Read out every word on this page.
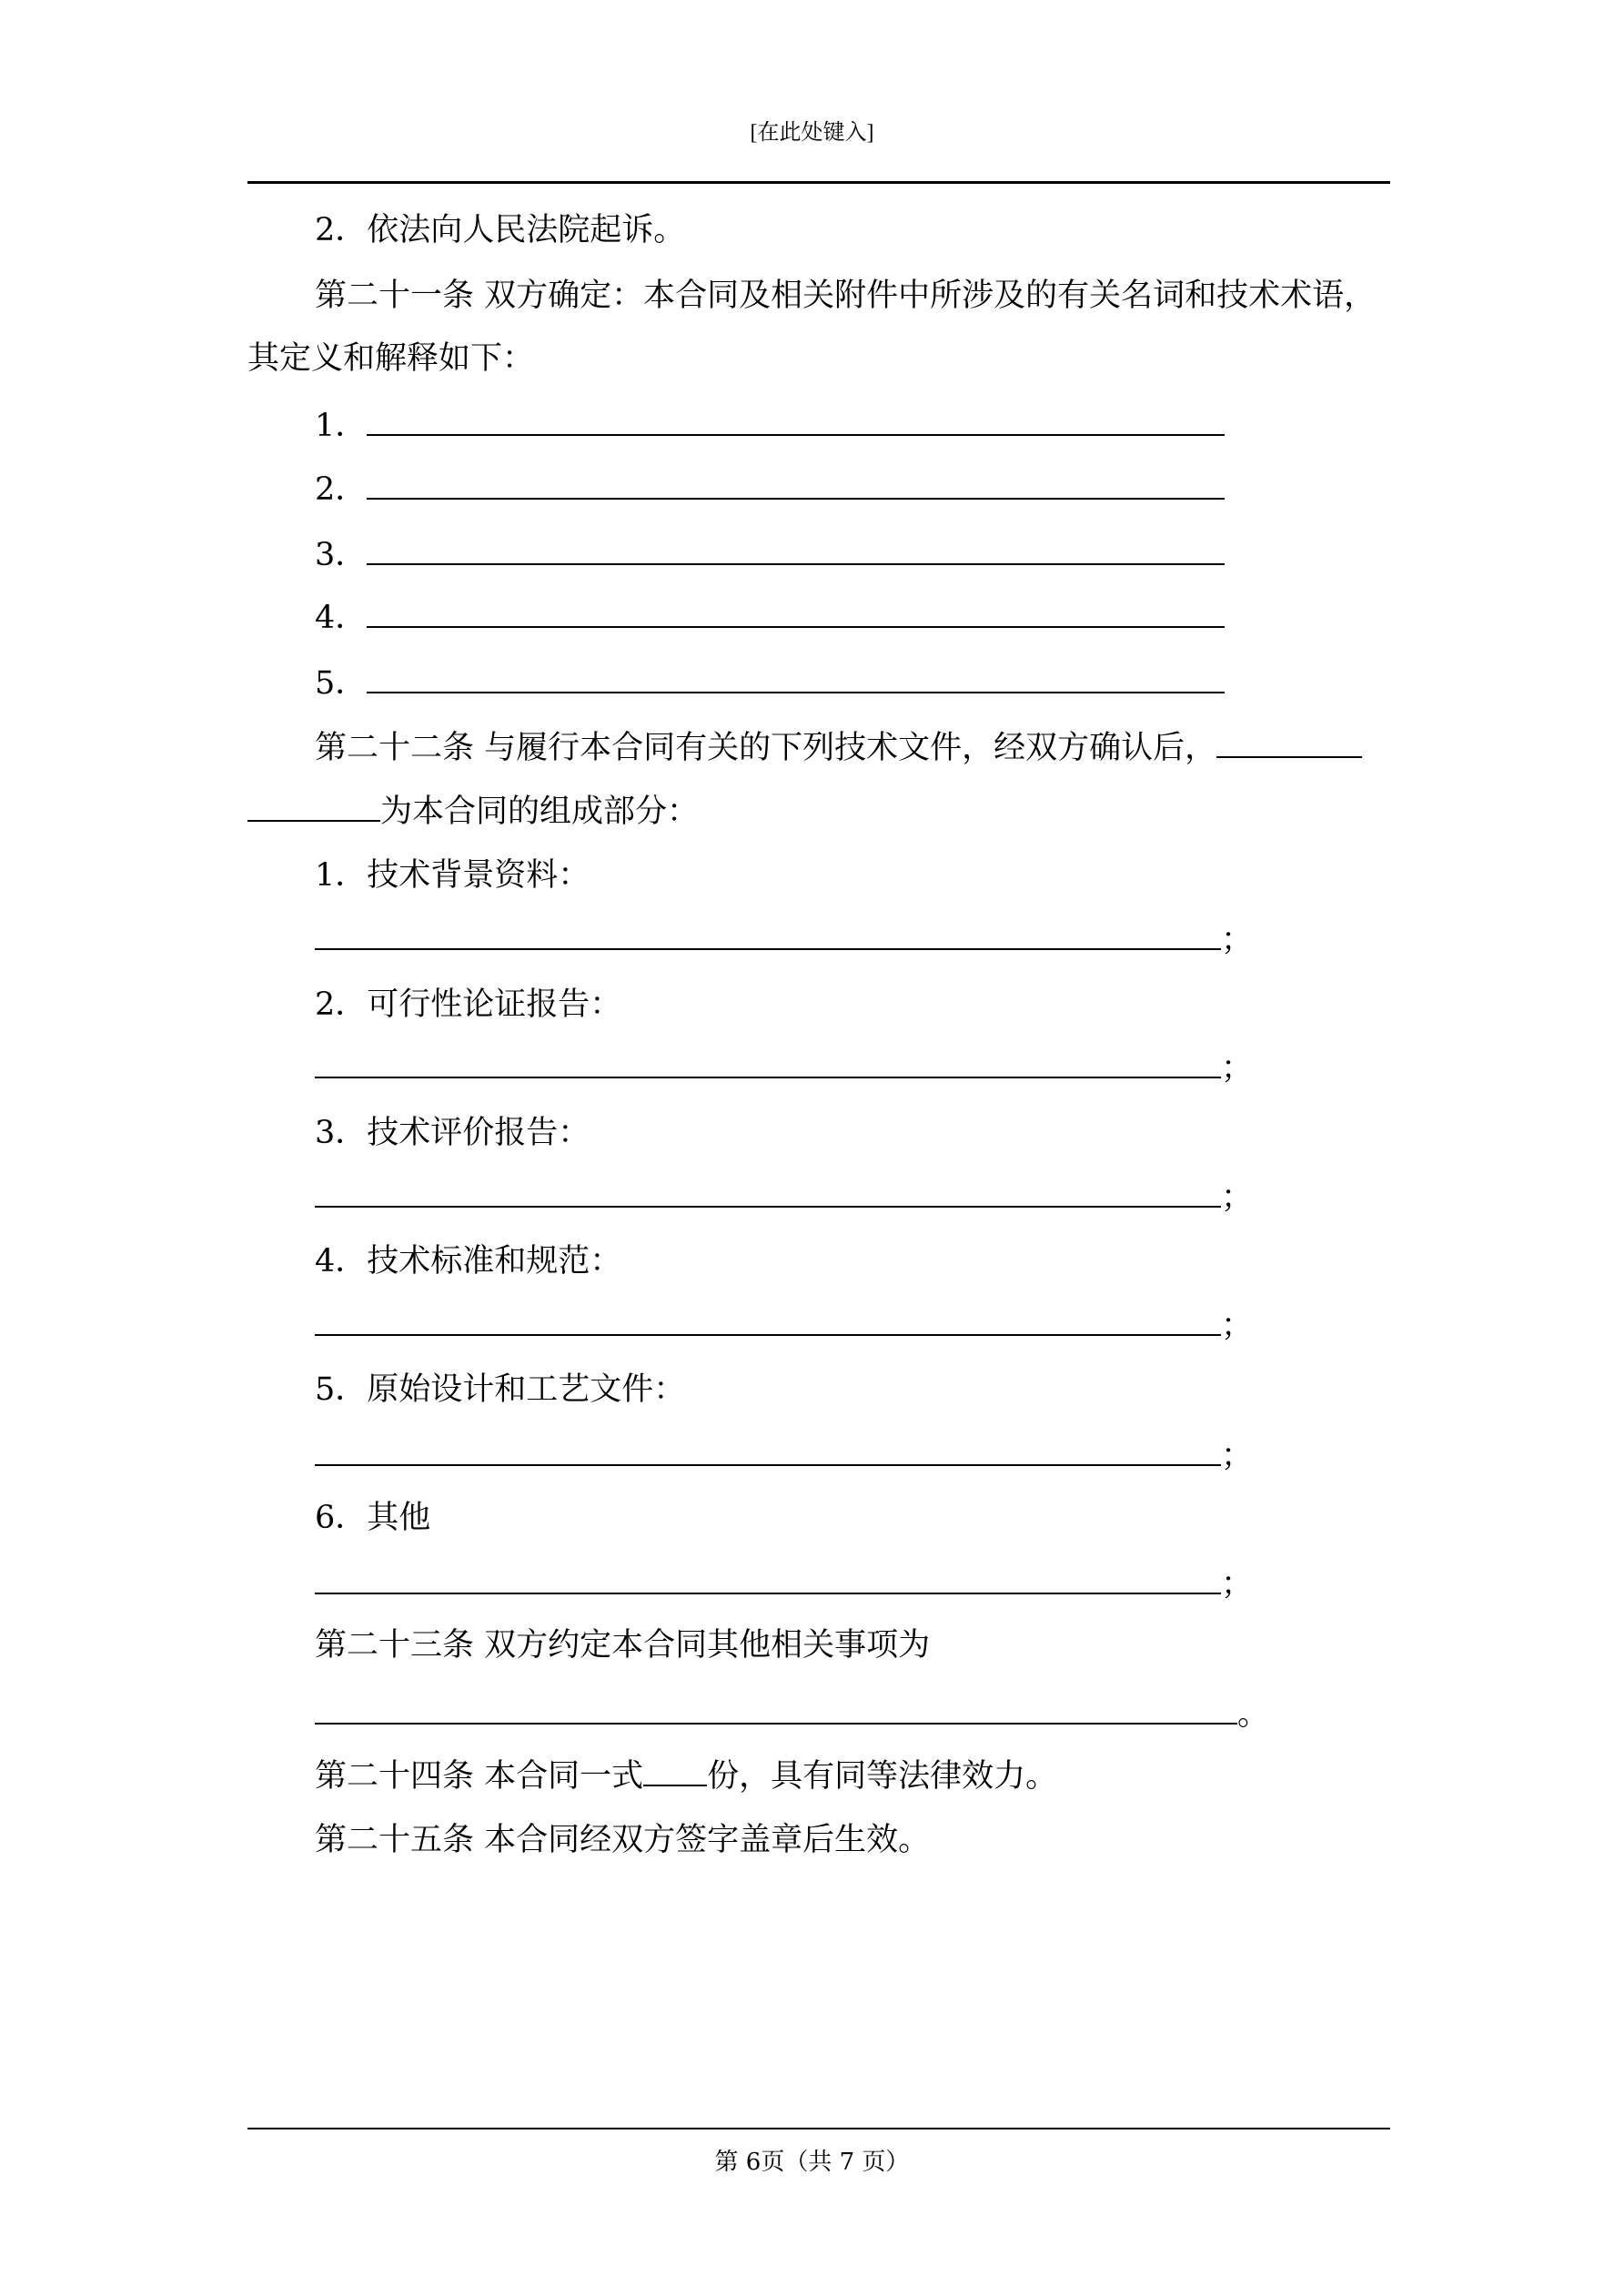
[在此处键入]
2．依法向人民法院起诉。
第二十一条 双方确定：本合同及相关附件中所涉及的有关名词和技术术语，
其定义和解释如下：
1．
2．
3．
4．
5．
第二十二条 与履行本合同有关的下列技术文件，经双方确认后，
为本合同的组成部分：
1．技术背景资料：
；
2．可行性论证报告：
；
3．技术评价报告：
；
4．技术标准和规范：
；
5．原始设计和工艺文件：
；
6．其他
；
第二十三条 双方约定本合同其他相关事项为
。
第二十四条 本合同一式 份，具有同等法律效力。
第二十五条 本合同经双方签字盖章后生效。
第 6页（共 7 页）
